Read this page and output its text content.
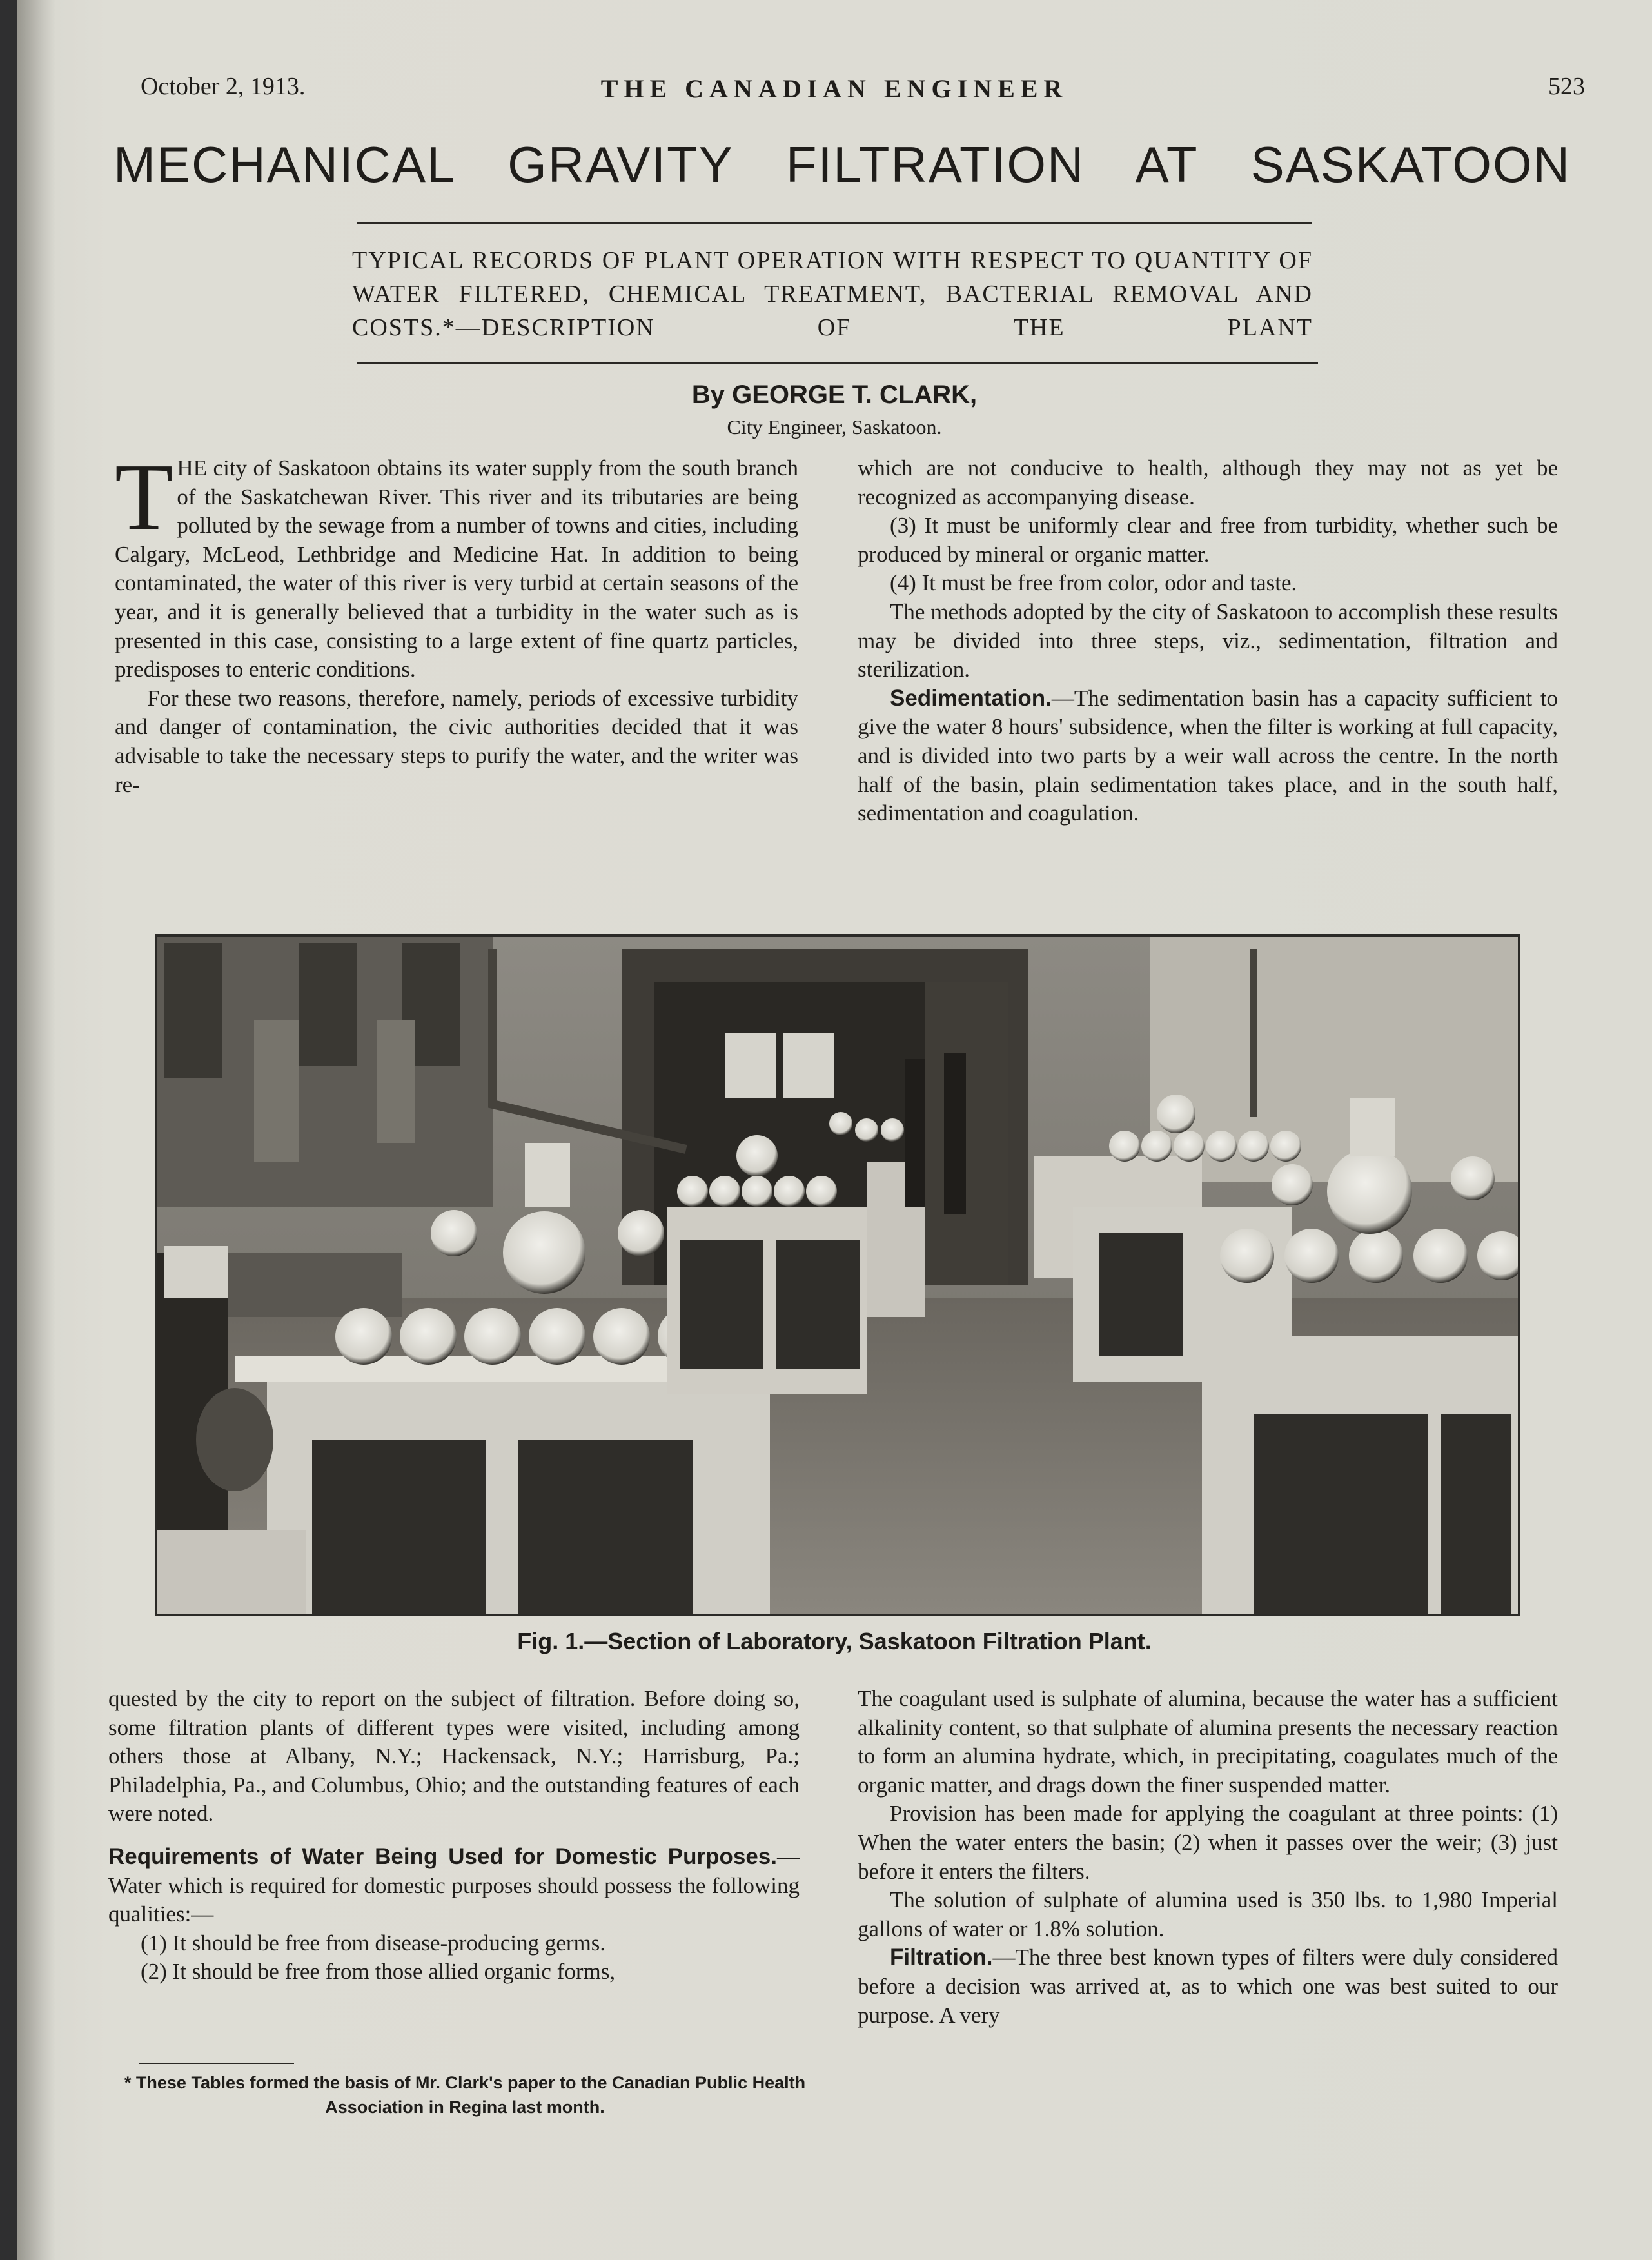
October 2, 1913.	THE CANADIAN ENGINEER	523
MECHANICAL GRAVITY FILTRATION AT SASKATOON
TYPICAL RECORDS OF PLANT OPERATION WITH RESPECT TO QUANTITY OF WATER FILTERED, CHEMICAL TREATMENT, BACTERIAL REMOVAL AND COSTS.*—DESCRIPTION OF THE PLANT
By GEORGE T. CLARK,
City Engineer, Saskatoon.

THE city of Saskatoon obtains its water supply from the south branch of the Saskatchewan River. This river and its tributaries are being polluted by the sewage from a number of towns and cities, including Calgary, McLeod, Lethbridge and Medicine Hat. In addition to being contaminated, the water of this river is very turbid at certain seasons of the year, and it is generally believed that a turbidity in the water such as is presented in this case, consisting to a large extent of fine quartz particles, predisposes to enteric conditions.

For these two reasons, therefore, namely, periods of excessive turbidity and danger of contamination, the civic authorities decided that it was advisable to take the necessary steps to purify the water, and the writer was re-

which are not conducive to health, although they may not as yet be recognized as accompanying disease.

(3) It must be uniformly clear and free from turbidity, whether such be produced by mineral or organic matter.

(4) It must be free from color, odor and taste.

The methods adopted by the city of Saskatoon to accomplish these results may be divided into three steps, viz., sedimentation, filtration and sterilization.

Sedimentation.—The sedimentation basin has a capacity sufficient to give the water 8 hours' subsidence, when the filter is working at full capacity, and is divided into two parts by a weir wall across the centre. In the north half of the basin, plain sedimentation takes place, and in the south half, sedimentation and coagulation.

Fig. 1.—Section of Laboratory, Saskatoon Filtration Plant.

quested by the city to report on the subject of filtration. Before doing so, some filtration plants of different types were visited, including among others those at Albany, N.Y.; Hackensack, N.Y.; Harrisburg, Pa.; Philadelphia, Pa., and Columbus, Ohio; and the outstanding features of each were noted.

Requirements of Water Being Used for Domestic Purposes.—Water which is required for domestic purposes should possess the following qualities:—

(1) It should be free from disease-producing germs.

(2) It should be free from those allied organic forms,

The coagulant used is sulphate of alumina, because the water has a sufficient alkalinity content, so that sulphate of alumina presents the necessary reaction to form an alumina hydrate, which, in precipitating, coagulates much of the organic matter, and drags down the finer suspended matter.

Provision has been made for applying the coagulant at three points: (1) When the water enters the basin; (2) when it passes over the weir; (3) just before it enters the filters.

The solution of sulphate of alumina used is 350 lbs. to 1,980 Imperial gallons of water or 1.8% solution.

Filtration.—The three best known types of filters were duly considered before a decision was arrived at, as to which one was best suited to our purpose. A very

* These Tables formed the basis of Mr. Clark's paper to the Canadian Public Health Association in Regina last month.
